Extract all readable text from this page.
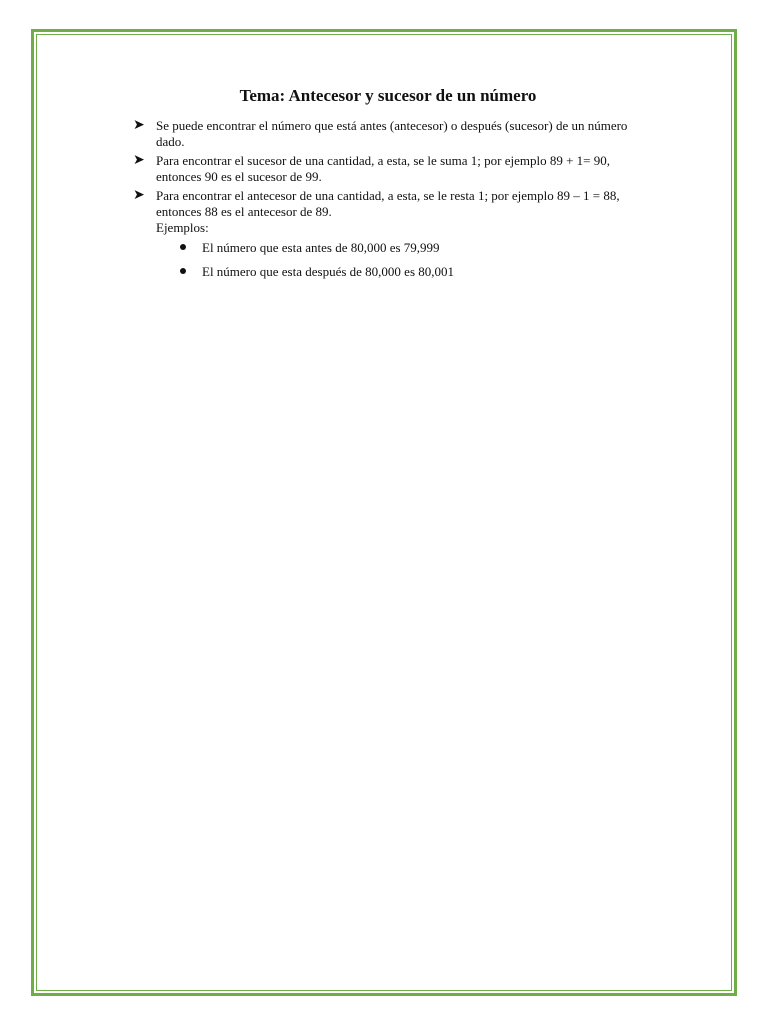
Tema: Antecesor y sucesor de un número
➤ Se puede encontrar el número que está antes (antecesor) o después (sucesor) de un número dado.
➤ Para encontrar el sucesor de una cantidad, a esta, se le suma 1; por ejemplo 89 + 1= 90, entonces 90 es el sucesor de 99.
➤ Para encontrar el antecesor de una cantidad, a esta, se le resta 1; por ejemplo 89 – 1 = 88, entonces 88 es el antecesor de 89.
Ejemplos:
El número que esta antes de 80,000 es 79,999
El número que esta después de 80,000 es 80,001
